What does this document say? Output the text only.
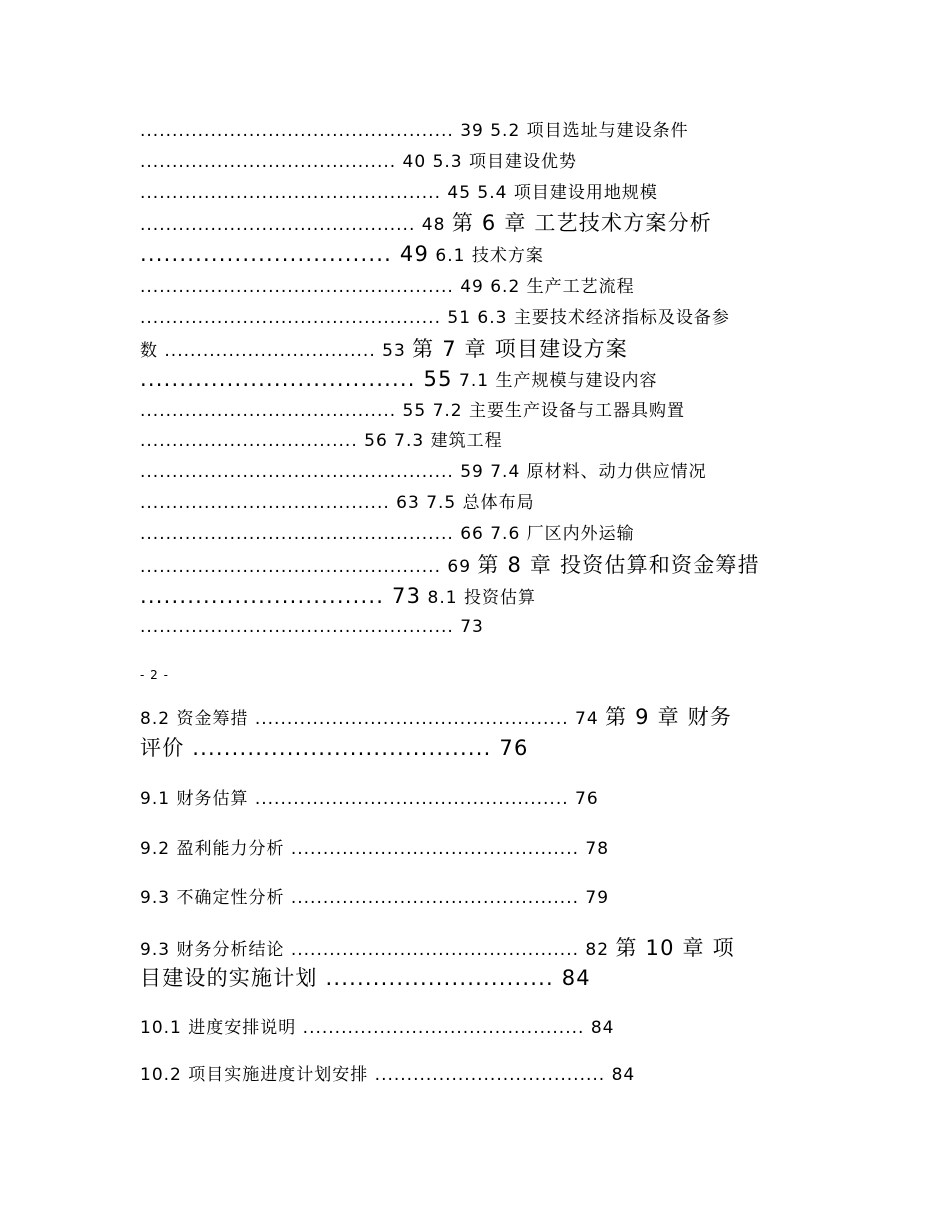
................................................. 39 5.2 项目选址与建设条件
........................................ 40 5.3 项目建设优势
............................................... 45 5.4 项目建设用地规模
........................................... 48 第 6 章 工艺技术方案分析
................................ 49 6.1 技术方案
................................................. 49 6.2 生产工艺流程
............................................... 51 6.3 主要技术经济指标及设备参
数 ................................. 53 第 7 章 项目建设方案
................................... 55 7.1 生产规模与建设内容
........................................ 55 7.2 主要生产设备与工器具购置
.................................. 56 7.3 建筑工程
................................................. 59 7.4 原材料、动力供应情况
....................................... 63 7.5 总体布局
................................................. 66 7.6 厂区内外运输
............................................... 69 第 8 章 投资估算和资金筹措
............................... 73 8.1 投资估算
................................................. 73
- 2 -
8.2 资金筹措 ................................................. 74 第 9 章 财务
评价 ...................................... 76
9.1 财务估算 ................................................. 76
9.2 盈利能力分析 ............................................. 78
9.3 不确定性分析 ............................................. 79
9.3 财务分析结论 ............................................. 82 第 10 章 项
目建设的实施计划 ............................. 84
10.1 进度安排说明 ............................................ 84
10.2 项目实施进度计划安排 .................................... 84
